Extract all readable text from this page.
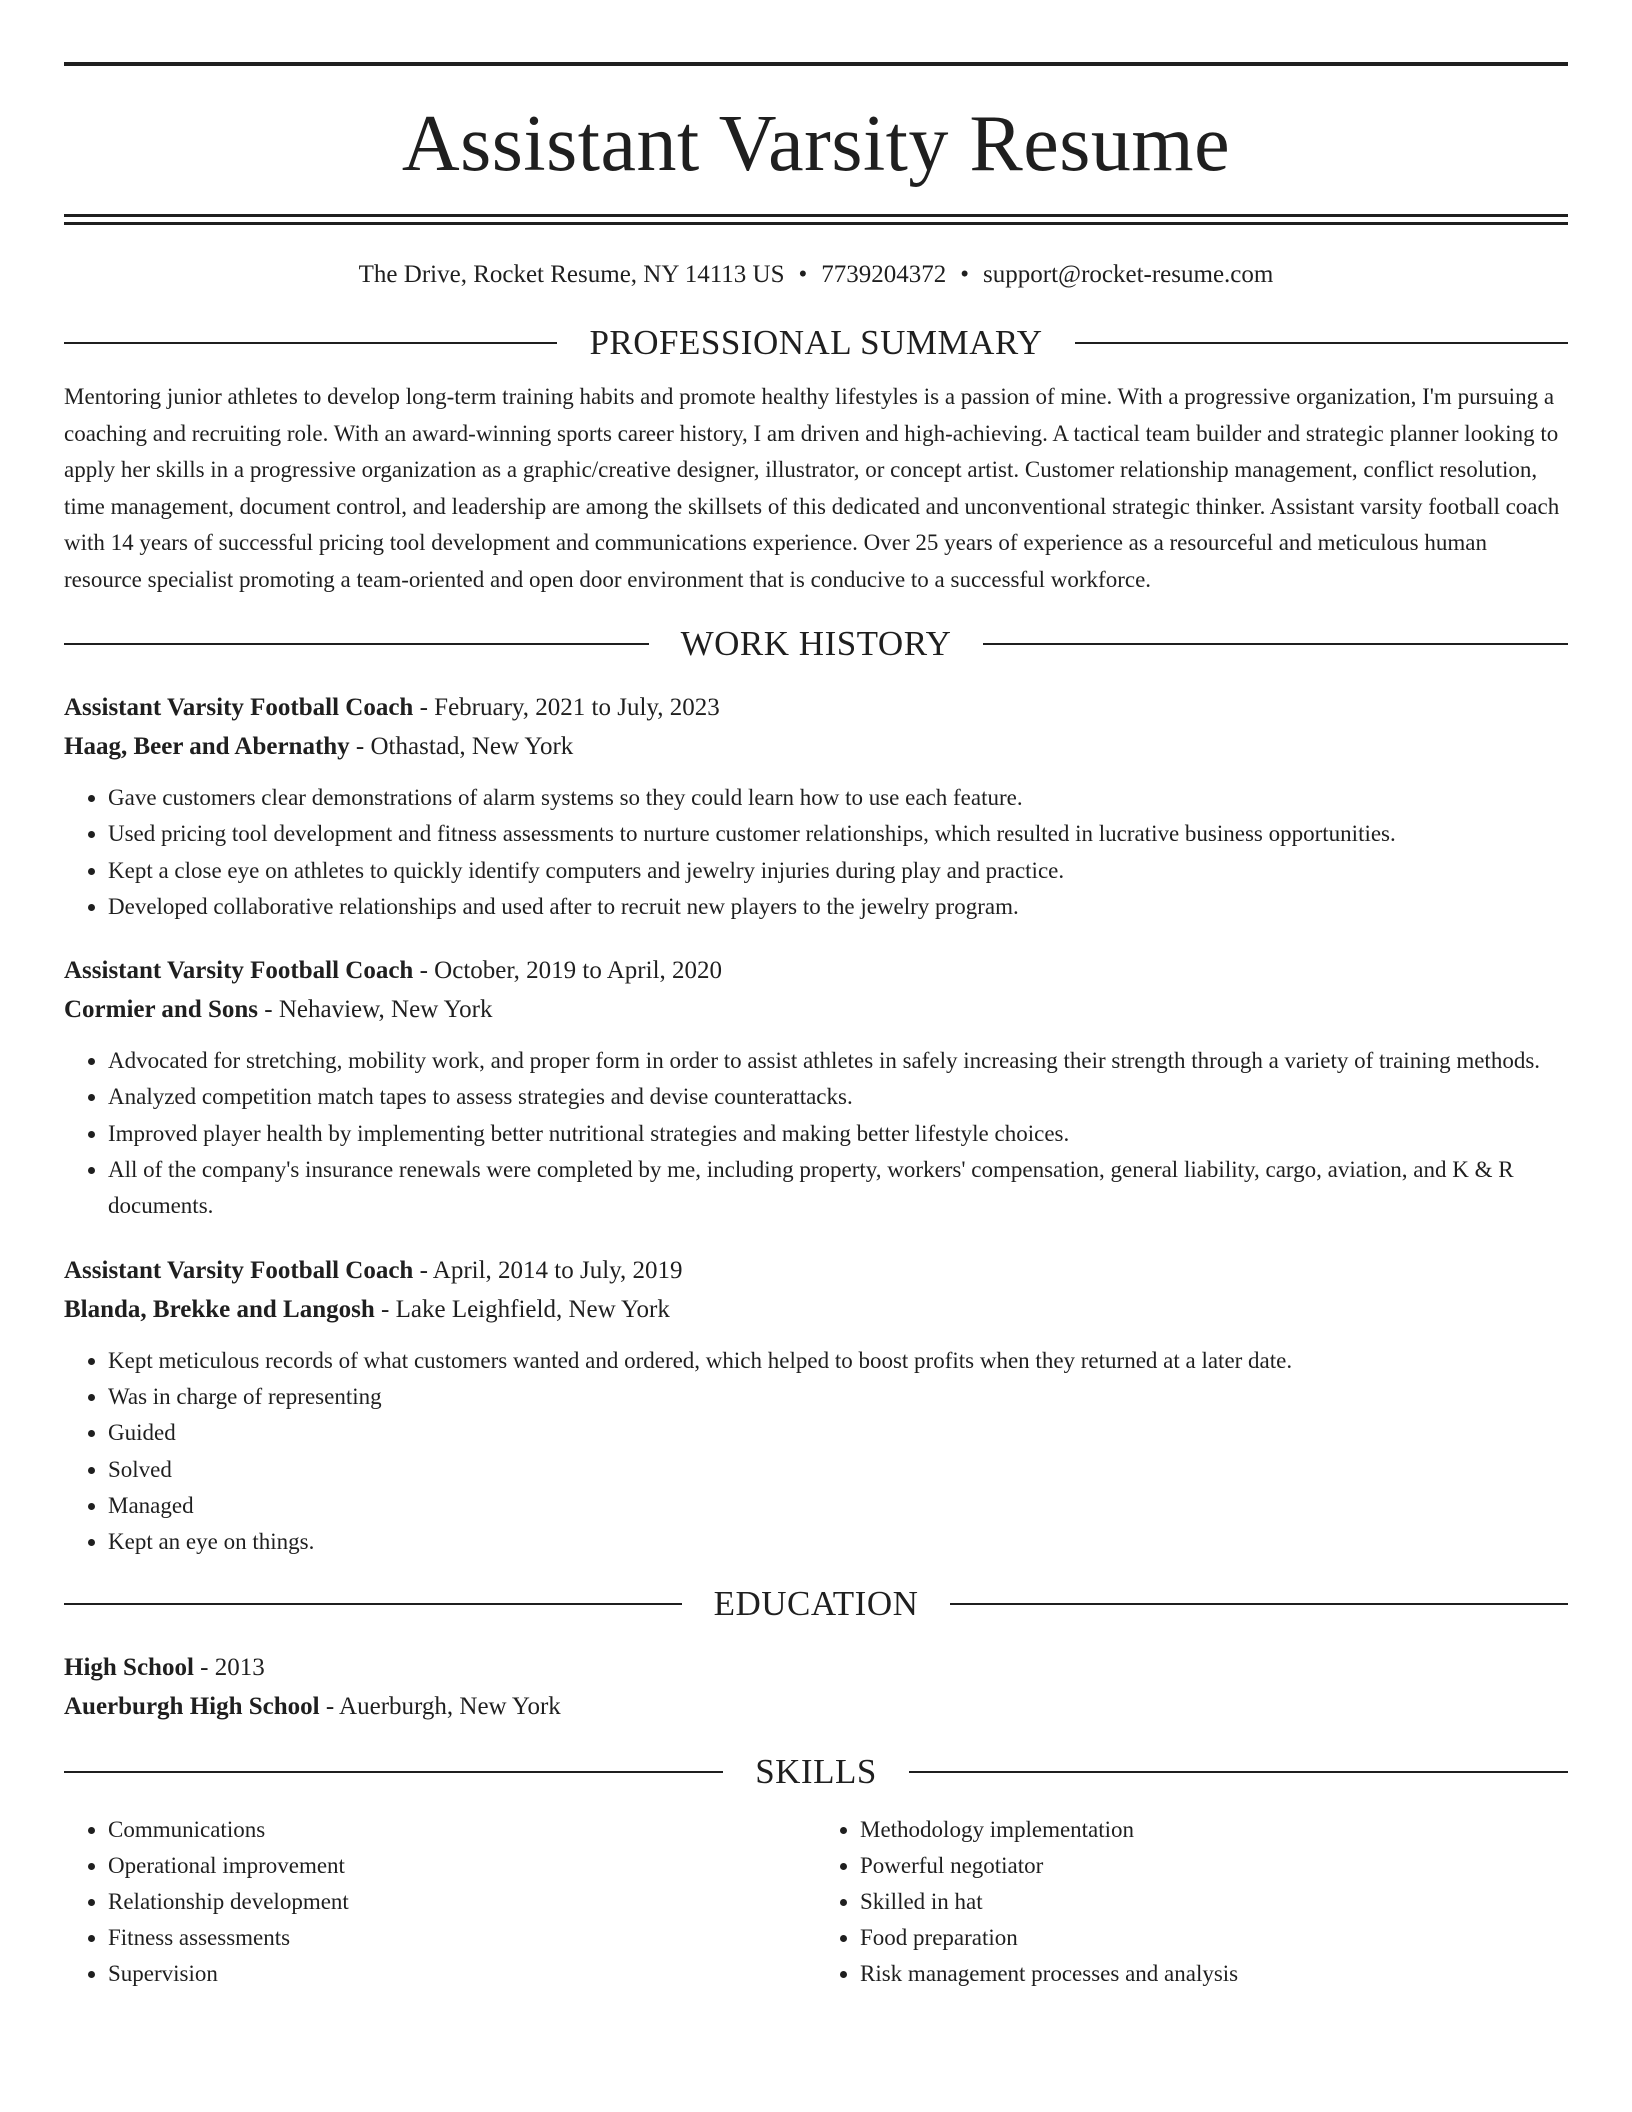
Assistant Varsity Resume
The Drive, Rocket Resume, NY 14113 US • 7739204372 • support@rocket-resume.com
PROFESSIONAL SUMMARY

Mentoring junior athletes to develop long-term training habits and promote healthy lifestyles is a passion of mine. With a progressive organization, I'm pursuing a coaching and recruiting role. With an award-winning sports career history, I am driven and high-achieving. A tactical team builder and strategic planner looking to apply her skills in a progressive organization as a graphic/creative designer, illustrator, or concept artist. Customer relationship management, conflict resolution, time management, document control, and leadership are among the skillsets of this dedicated and unconventional strategic thinker. Assistant varsity football coach with 14 years of successful pricing tool development and communications experience. Over 25 years of experience as a resourceful and meticulous human resource specialist promoting a team-oriented and open door environment that is conducive to a successful workforce.

WORK HISTORY
Assistant Varsity Football Coach - February, 2021 to July, 2023
Haag, Beer and Abernathy - Othastad, New York
• Gave customers clear demonstrations of alarm systems so they could learn how to use each feature.
• Used pricing tool development and fitness assessments to nurture customer relationships, which resulted in lucrative business opportunities.
• Kept a close eye on athletes to quickly identify computers and jewelry injuries during play and practice.
• Developed collaborative relationships and used after to recruit new players to the jewelry program.
Assistant Varsity Football Coach - October, 2019 to April, 2020
Cormier and Sons - Nehaview, New York
• Advocated for stretching, mobility work, and proper form in order to assist athletes in safely increasing their strength through a variety of training methods.
• Analyzed competition match tapes to assess strategies and devise counterattacks.
• Improved player health by implementing better nutritional strategies and making better lifestyle choices.
• All of the company's insurance renewals were completed by me, including property, workers' compensation, general liability, cargo, aviation, and K & R documents.
Assistant Varsity Football Coach - April, 2014 to July, 2019
Blanda, Brekke and Langosh - Lake Leighfield, New York
• Kept meticulous records of what customers wanted and ordered, which helped to boost profits when they returned at a later date.
• Was in charge of representing
• Guided
• Solved
• Managed
• Kept an eye on things.
EDUCATION
High School - 2013
Auerburgh High School - Auerburgh, New York
SKILLS
• Communications
• Operational improvement
• Relationship development
• Fitness assessments
• Supervision
• Methodology implementation
• Powerful negotiator
• Skilled in hat
• Food preparation
• Risk management processes and analysis
